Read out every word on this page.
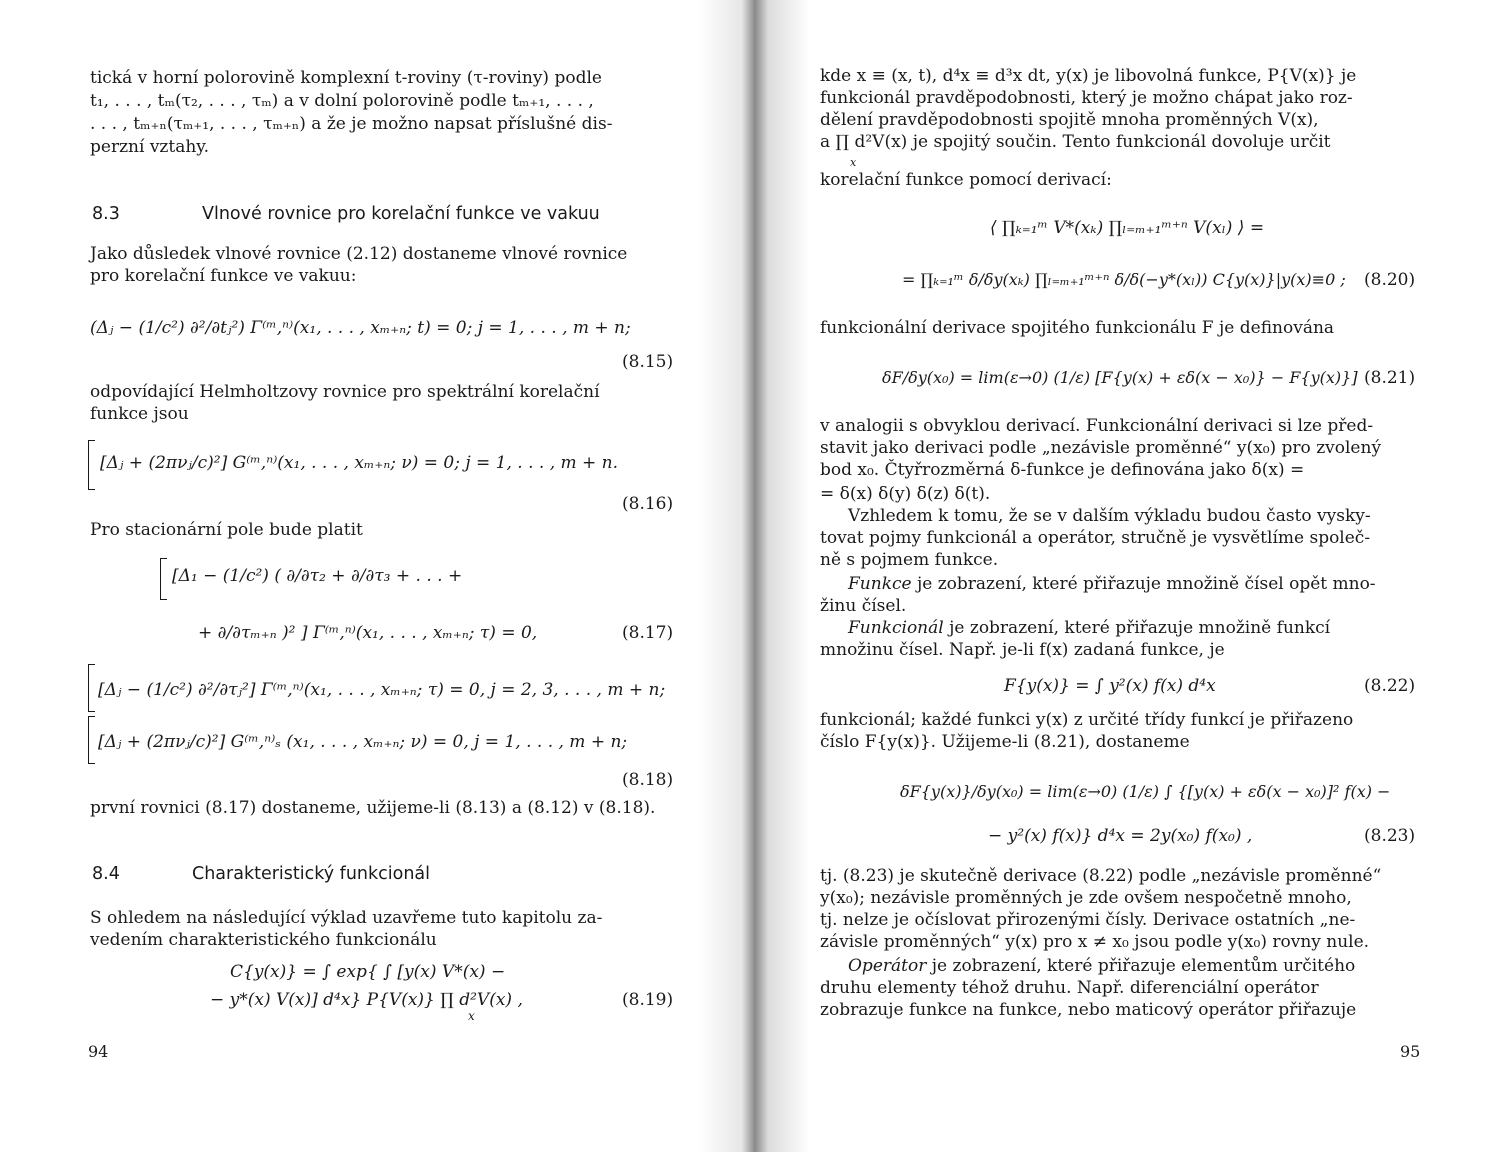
tická v horní polorovině komplexní t-roviny (τ-roviny) podle
t₁, . . . , tₘ(τ₂, . . . , τₘ) a v dolní polorovině podle tₘ₊₁, . . . ,
. . . , tₘ₊ₙ(τₘ₊₁, . . . , τₘ₊ₙ) a že je možno napsat příslušné dis-
perzní vztahy.
8.3	Vlnové rovnice pro korelační funkce ve vakuu
Jako důsledek vlnové rovnice (2.12) dostaneme vlnové rovnice
pro korelační funkce ve vakuu:
(Δⱼ − (1/c²) ∂²/∂tⱼ²) Γ⁽ᵐ,ⁿ⁾(x₁, . . . , xₘ₊ₙ; t) = 0; j = 1, . . . , m + n;
(8.15)
odpovídající Helmholtzovy rovnice pro spektrální korelační
funkce jsou
[Δⱼ + (2πνⱼ/c)²] G⁽ᵐ,ⁿ⁾(x₁, . . . , xₘ₊ₙ; ν) = 0; j = 1, . . . , m + n.
(8.16)
Pro stacionární pole bude platit
[Δ₁ − (1/c²) ( ∂/∂τ₂ + ∂/∂τ₃ + . . . +
+ ∂/∂τₘ₊ₙ )² ] Γ⁽ᵐ,ⁿ⁾(x₁, . . . , xₘ₊ₙ; τ) = 0,	(8.17)
[Δⱼ − (1/c²) ∂²/∂τⱼ²] Γ⁽ᵐ,ⁿ⁾(x₁, . . . , xₘ₊ₙ; τ) = 0, j = 2, 3, . . . , m + n;
[Δⱼ + (2πνⱼ/c)²] G⁽ᵐ,ⁿ⁾ₛ (x₁, . . . , xₘ₊ₙ; ν) = 0, j = 1, . . . , m + n;
(8.18)
první rovnici (8.17) dostaneme, užijeme-li (8.13) a (8.12) v (8.18).
8.4	Charakteristický funkcionál
S ohledem na následující výklad uzavřeme tuto kapitolu za-
vedením charakteristického funkcionálu
C{y(x)} = ∫ exp{ ∫ [y(x) V*(x) −
− y*(x) V(x)] d⁴x} P{V(x)} ∏ d²V(x) ,
x
(8.19)
94
kde x ≡ (x, t), d⁴x ≡ d³x dt, y(x) je libovolná funkce, P{V(x)} je
funkcionál pravděpodobnosti, který je možno chápat jako roz-
dělení pravděpodobnosti spojitě mnoha proměnných V(x),
a ∏ d²V(x) je spojitý součin. Tento funkcionál dovoluje určit
x
korelační funkce pomocí derivací:
⟨ ∏ₖ₌₁ᵐ V*(xₖ) ∏ₗ₌ₘ₊₁ᵐ⁺ⁿ V(xₗ) ⟩ =
= ∏ₖ₌₁ᵐ δ/δy(xₖ) ∏ₗ₌ₘ₊₁ᵐ⁺ⁿ δ/δ(−y*(xₗ)) C{y(x)}|y(x)≡0 ; (8.20)
funkcionální derivace spojitého funkcionálu F je definována
δF/δy(x₀) = lim(ε→0) (1/ε) [F{y(x) + εδ(x − x₀)} − F{y(x)}] (8.21)
v analogii s obvyklou derivací. Funkcionální derivaci si lze před-
stavit jako derivaci podle „nezávisle proměnné“ y(x₀) pro zvolený
bod x₀. Čtyřrozměrná δ-funkce je definována jako δ(x) =
= δ(x) δ(y) δ(z) δ(t).
Vzhledem k tomu, že se v dalším výkladu budou často vysky-
tovat pojmy funkcionál a operátor, stručně je vysvětlíme společ-
ně s pojmem funkce.
Funkce je zobrazení, které přiřazuje množině čísel opět mno-
žinu čísel.
Funkcionál je zobrazení, které přiřazuje množině funkcí
množinu čísel. Např. je-li f(x) zadaná funkce, je
F{y(x)} = ∫ y²(x) f(x) d⁴x	(8.22)
funkcionál; každé funkci y(x) z určité třídy funkcí je přiřazeno
číslo F{y(x)}. Užijeme-li (8.21), dostaneme
δF{y(x)}/δy(x₀) = lim(ε→0) (1/ε) ∫ {[y(x) + εδ(x − x₀)]² f(x) −
− y²(x) f(x)} d⁴x = 2y(x₀) f(x₀) ,	(8.23)
tj. (8.23) je skutečně derivace (8.22) podle „nezávisle proměnné“
y(x₀); nezávisle proměnných je zde ovšem nespočetně mnoho,
tj. nelze je očíslovat přirozenými čísly. Derivace ostatních „ne-
závisle proměnných“ y(x) pro x ≠ x₀ jsou podle y(x₀) rovny nule.
Operátor je zobrazení, které přiřazuje elementům určitého
druhu elementy téhož druhu. Např. diferenciální operátor
zobrazuje funkce na funkce, nebo maticový operátor přiřazuje
95
